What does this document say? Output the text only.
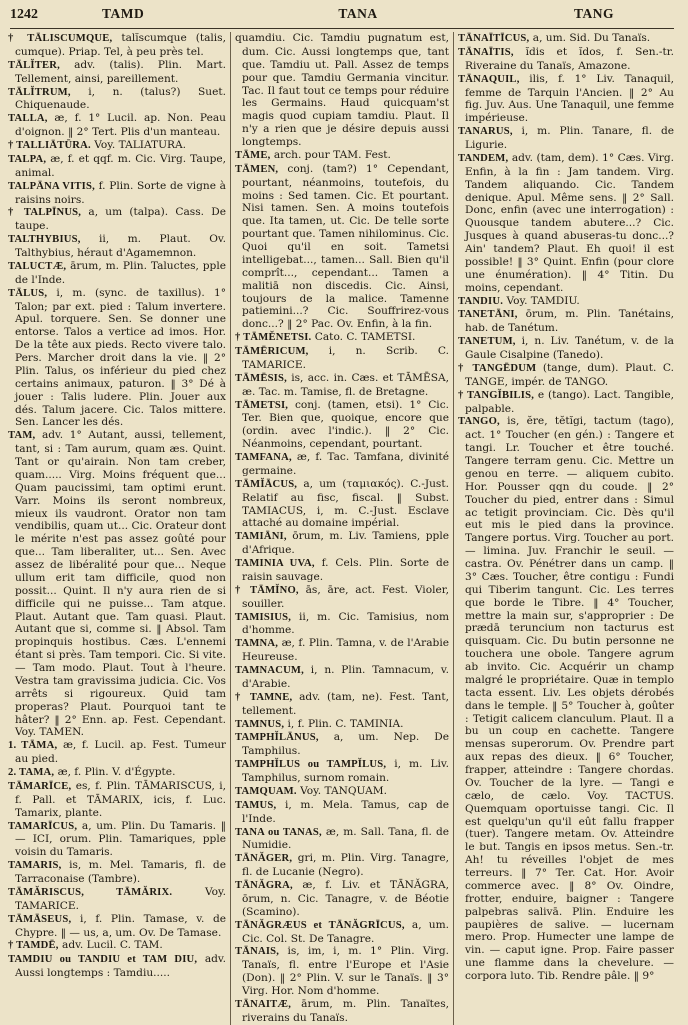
1242	TAMD	TANA	TANG

† TĀLISCUMQUE, talĭscumque (talis, cumque). Priap. Tel, à peu près tel.

TĀLĬTER, adv. (talis). Plin. Mart. Tellement, ainsi, pareillement.

TĀLĬTRUM, i, n. (talus?) Suet. Chiquenaude.

TALLA, æ, f. 1° Lucil. ap. Non. Peau d'oignon. ‖ 2° Tert. Plis d'un manteau.

† TALLIĀTŪRA. Voy. TALIATURA.

TALPA, æ, f. et qqf. m. Cic. Virg. Taupe, animal.

TALPĀNA VITIS, f. Plin. Sorte de vigne à raisins noirs.

† TALPĪNUS, a, um (talpa). Cass. De taupe.

TALTHYBIUS, ii, m. Plaut. Ov. Talthybius, héraut d'Agamemnon.

TALUCTÆ, ārum, m. Plin. Taluctes, pple de l'Inde.

TĀLUS, i, m. (sync. de taxillus). 1° Talon; par ext. pied : Talum invertere. Apul. torquere. Sen. Se donner une entorse. Talos a vertice ad imos. Hor. De la tête aux pieds. Recto vivere talo. Pers. Marcher droit dans la vie. ‖ 2° Plin. Talus, os inférieur du pied chez certains animaux, paturon. ‖ 3° Dé à jouer : Talis ludere. Plin. Jouer aux dés. Talum jacere. Cic. Talos mittere. Sen. Lancer les dés.

TAM, adv. 1° Autant, aussi, tellement, tant, si : Tam aurum, quam æs. Quint. Tant or qu'airain. Non tam creber, quam..... Virg. Moins fréquent que... Quam paucissimi, tam optimi erunt. Varr. Moins ils seront nombreux, mieux ils vaudront. Orator non tam vendibilis, quam ut... Cic. Orateur dont le mérite n'est pas assez goûté pour que... Tam liberaliter, ut... Sen. Avec assez de libéralité pour que... Neque ullum erit tam difficile, quod non possit... Quint. Il n'y aura rien de si difficile qui ne puisse... Tam atque. Plaut. Autant que. Tam quasi. Plaut. Autant que si, comme si. ‖ Absol. Tam propinquis hostibus. Cæs. L'ennemi étant si près. Tam tempori. Cic. Si vite. — Tam modo. Plaut. Tout à l'heure. Vestra tam gravissima judicia. Cic. Vos arrêts si rigoureux. Quid tam properas? Plaut. Pourquoi tant te hâter? ‖ 2° Enn. ap. Fest. Cependant. Voy. TAMEN.

1. TĀMA, æ, f. Lucil. ap. Fest. Tumeur au pied.

2. TAMA, æ, f. Plin. V. d'Égypte.

TĀMARĪCE, es, f. Plin. TĀMARISCUS, i, f. Pall. et TĀMARIX, icis, f. Luc. Tamarix, plante.

TAMARĪCUS, a, um. Plin. Du Tamaris. ‖ — ICI, orum. Plin. Tamariques, pple voisin du Tamaris.

TAMARIS, is, m. Mel. Tamaris, fl. de Tarraconaise (Tambre).

TĀMĂRISCUS, TĀMĂRIX.	Voy. TAMARICE.

TĀMĀSEUS, i, f. Plin. Tamase, v. de Chypre. ‖ — us, a, um. Ov. De Tamase.

† TAMDĒ, adv. Lucil. C. TAM.

TAMDIU ou TANDIU et TAM DIU, adv. Aussi longtemps : Tamdiu.....

quamdiu. Cic. Tamdiu pugnatum est, dum. Cic. Aussi longtemps que, tant que. Tamdiu ut. Pall. Assez de temps pour que. Tamdiu Germania vincitur. Tac. Il faut tout ce temps pour réduire les Germains. Haud quicquam'st magis quod cupiam tamdiu. Plaut. Il n'y a rien que je désire depuis aussi longtemps.

TĀME, arch. pour TAM. Fest.

TĀMEN, conj. (tam?) 1° Cependant, pourtant, néanmoins, toutefois, du moins : Sed tamen. Cic. Et pourtant. Nisi tamen. Sen. A moins toutefois que. Ita tamen, ut. Cic. De telle sorte pourtant que. Tamen nihilominus. Cic. Quoi qu'il en soit. Tametsi intelligebat..., tamen... Sall. Bien qu'il comprît..., cependant... Tamen a malitiā non discedis. Cic. Ainsi, toujours de la malice. Tamenne patiemini...? Cic. Souffrirez-vous donc...? ‖ 2° Pac. Ov. Enfin, à la fin.

† TĀMĔNETSI. Cato. C. TAMETSI.

TĀMĒRICUM, i, n. Scrib. C. TAMARICE.

TĀMĒSIS, is, acc. in. Cæs. et TĀMĒSA, æ. Tac. m. Tamise, fl. de Bretagne.

TĀMETSI, conj. (tamen, etsi). 1° Cic. Ter. Bien que, quoique, encore que (ordin. avec l'indic.). ‖ 2° Cic. Néanmoins, cependant, pourtant.

TAMFANA, æ, f. Tac. Tamfana, divinité germaine.

TĀMĬĀCUS, a, um (ταμιακός). C.-Just. Relatif au fisc, fiscal. ‖ Subst. TAMIACUS, i, m. C.-Just. Esclave attaché au domaine impérial.

TAMIĀNI, ōrum, m. Liv. Tamiens, pple d'Afrique.

TAMINIA UVA, f. Cels. Plin. Sorte de raisin sauvage.

† TĀMĬNO, ās, āre, act. Fest. Violer, souiller.

TAMISIUS, ii, m. Cic. Tamisius, nom d'homme.

TAMNA, æ, f. Plin. Tamna, v. de l'Arabie Heureuse.

TAMNACUM, i, n. Plin. Tamnacum, v. d'Arabie.

† TAMNE, adv. (tam, ne). Fest. Tant, tellement.

TAMNUS, i, f. Plin. C. TAMINIA.

TAMPHĬLĀNUS, a, um. Nep. De Tamphilus.

TAMPHĬLUS ou TAMPĬLUS, i, m. Liv. Tamphilus, surnom romain.

TAMQUAM. Voy. TANQUAM.

TAMUS, i, m. Mela. Tamus, cap de l'Inde.

TANA ou TANAS, æ, m. Sall. Tana, fl. de Numidie.

TĀNĂGER, gri, m. Plin. Virg. Tanagre, fl. de Lucanie (Negro).

TĀNĂGRA, æ, f. Liv. et TĀNĂGRA, ōrum, n. Cic. Tanagre, v. de Béotie (Scamino).

TĀNĂGRÆUS et TĀNĂGRĪCUS, a, um. Cic. Col. St. De Tanagre.

TĀNAIS, is, im, i, m. 1° Plin. Virg. Tanaïs, fl. entre l'Europe et l'Asie (Don). ‖ 2° Plin. V. sur le Tanaïs. ‖ 3° Virg. Hor. Nom d'homme.

TĀNAITÆ, ārum, m. Plin. Tanaïtes, riverains du Tanaïs.

TĀNAĪTĪCUS, a, um. Sid. Du Tanaïs.

TĀNAĪTIS, ĭdis et ĭdos, f. Sen.-tr. Riveraine du Tanaïs, Amazone.

TĀNAQUIL, ilis, f. 1° Liv. Tanaquil, femme de Tarquin l'Ancien. ‖ 2° Au fig. Juv. Aus. Une Tanaquil, une femme impérieuse.

TANARUS, i, m. Plin. Tanare, fl. de Ligurie.

TANDEM, adv. (tam, dem). 1° Cæs. Virg. Enfin, à la fin : Jam tandem. Virg. Tandem aliquando. Cic. Tandem denique. Apul. Même sens. ‖ 2° Sall. Donc, enfin (avec une interrogation) : Quousque tandem abutere...? Cic. Jusques à quand abuseras-tu donc...? Ain' tandem? Plaut. Eh quoi! il est possible! ‖ 3° Quint. Enfin (pour clore une énumération). ‖ 4° Titin. Du moins, cependant.

TANDIU. Voy. TAMDIU.

TANETĀNI, ōrum, m. Plin. Tanétains, hab. de Tanétum.

TANETUM, i, n. Liv. Tanétum, v. de la Gaule Cisalpine (Tanedo).

† TANGĒDUM (tange, dum). Plaut. C. TANGE, impér. de TANGO.

† TANGĬBILIS, e (tango). Lact. Tangible, palpable.

TANGO, is, ĕre, tĕtĭgi, tactum (tago), act. 1° Toucher (en gén.) : Tangere et tangi. Lr. Toucher et être touché. Tangere terram genu. Cic. Mettre un genou en terre. — aliquem cubito. Hor. Pousser qqn du coude. ‖ 2° Toucher du pied, entrer dans : Simul ac tetigit provinciam. Cic. Dès qu'il eut mis le pied dans la province. Tangere portus. Virg. Toucher au port. — limina. Juv. Franchir le seuil. — castra. Ov. Pénétrer dans un camp. ‖ 3° Cæs. Toucher, être contigu : Fundi qui Tiberim tangunt. Cic. Les terres que borde le Tibre. ‖ 4° Toucher, mettre la main sur, s'approprier : De prædā teruncium non tacturus est quisquam. Cic. Du butin personne ne touchera une obole. Tangere agrum ab invito. Cic. Acquérir un champ malgré le propriétaire. Quæ in templo tacta essent. Liv. Les objets dérobés dans le temple. ‖ 5° Toucher à, goûter : Tetigit calicem clanculum. Plaut. Il a bu un coup en cachette. Tangere mensas superorum. Ov. Prendre part aux repas des dieux. ‖ 6° Toucher, frapper, atteindre : Tangere chordas. Ov. Toucher de la lyre. — Tangi e cælo, de cælo. Voy. TACTUS. Quemquam oportuisse tangi. Cic. Il est quelqu'un qu'il eût fallu frapper (tuer). Tangere metam. Ov. Atteindre le but. Tangis en ipsos metus. Sen.-tr. Ah! tu réveilles l'objet de mes terreurs. ‖ 7° Ter. Cat. Hor. Avoir commerce avec. ‖ 8° Ov. Oindre, frotter, enduire, baigner : Tangere palpebras salivā. Plin. Enduire les paupières de salive. — lucernam mero. Prop. Humecter une lampe de vin. — caput igne. Prop. Faire passer une flamme dans la chevelure. — corpora luto. Tib. Rendre pâle. ‖ 9°
